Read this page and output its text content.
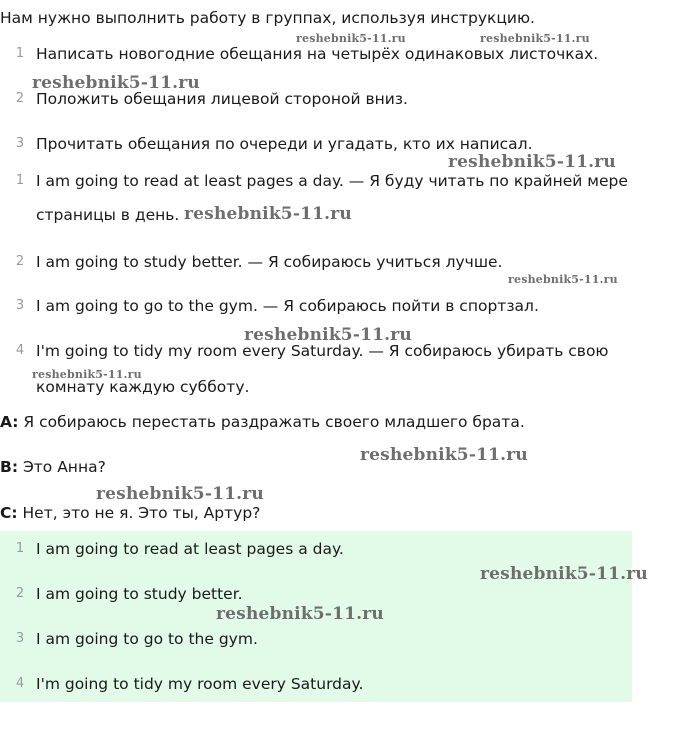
Нам нужно выполнить работу в группах, используя инструкцию.
1 Написать новогодние обещания на четырёх одинаковых листочках.
2 Положить обещания лицевой стороной вниз.
3 Прочитать обещания по очереди и угадать, кто их написал.
1 I am going to read at least pages a day. — Я буду читать по крайней мере
страницы в день.
2 I am going to study better. — Я собираюсь учиться лучше.
3 I am going to go to the gym. — Я собираюсь пойти в спортзал.
4 I'm going to tidy my room every Saturday. — Я собираюсь убирать свою
комнату каждую субботу.
A: Я собираюсь перестать раздражать своего младшего брата.
B: Это Анна?
C: Нет, это не я. Это ты, Артур?
1 I am going to read at least pages a day.
2 I am going to study better.
3 I am going to go to the gym.
4 I'm going to tidy my room every Saturday.
reshebnik5-11.ru	reshebnik5-11.ru
reshebnik5-11.ru
reshebnik5-11.ru
reshebnik5-11.ru
reshebnik5-11.ru
reshebnik5-11.ru
reshebnik5-11.ru
reshebnik5-11.ru
reshebnik5-11.ru
reshebnik5-11.ru
reshebnik5-11.ru
